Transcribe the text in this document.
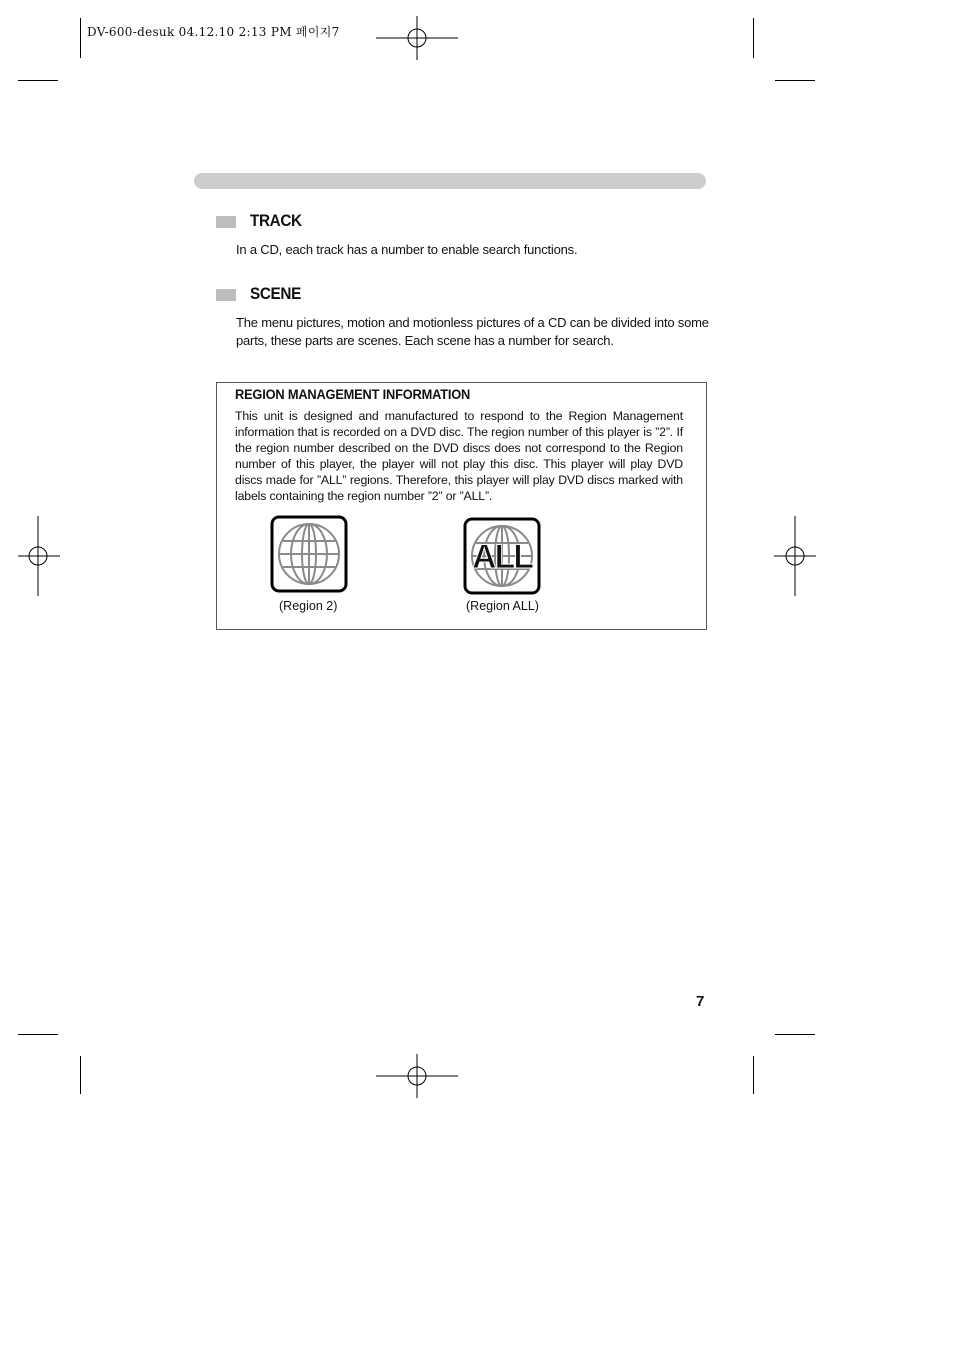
DV-600-desuk 04.12.10 2:13 PM 페이지7
TRACK
In a CD, each track has a number to enable search functions.
SCENE
The menu pictures, motion and motionless pictures of a CD can be divided into some
parts, these parts are scenes. Each scene has a number for search.
REGION MANAGEMENT INFORMATION
This unit is designed and manufactured to respond to the Region Management information that is recorded on a DVD disc. The region number of this player is ”2”. If the region number described on the DVD discs does not correspond to the Region number of this player, the player will not play this disc. This player will play DVD discs made for ”ALL” regions. Therefore, this player will play DVD discs marked with labels containing the region number ”2” or ”ALL”.
(Region 2)
ALL
(Region ALL)
7
